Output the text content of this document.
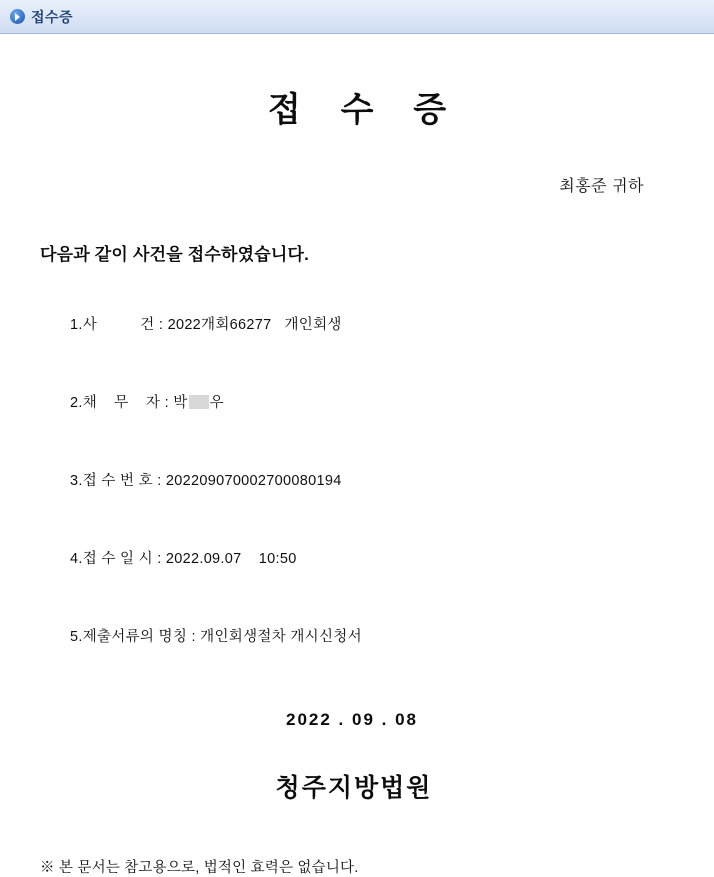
접수증
접 수 증
최홍준 귀하
다음과 같이 사건을 접수하였습니다.

1.사          건 : 2022개회66277   개인회생

2.채    무    자 : 박 우

3.접 수 번 호 : 202209070002700080194

4.접 수 일 시 : 2022.09.07    10:50

5.제출서류의 명칭 : 개인회생절차 개시신청서

2022 . 09 . 08
청주지방법원
※ 본 문서는 참고용으로, 법적인 효력은 없습니다.
